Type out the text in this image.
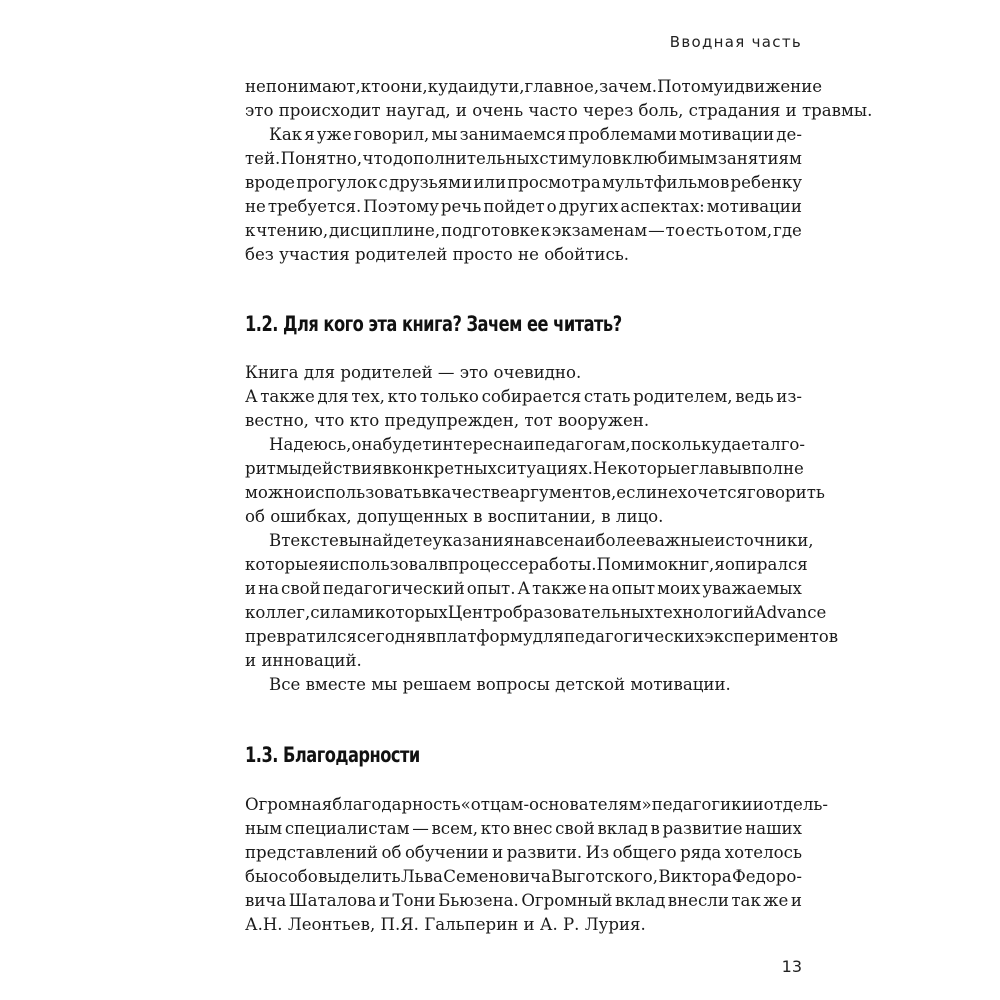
Вводная часть
не понимают, кто они, куда идут и, главное, зачем. Потому и движение
это происходит наугад, и очень часто через боль, страдания и травмы.
Как я уже говорил, мы занимаемся проблемами мотивации де-
тей. Понятно, что дополнительных стимулов к любимым занятиям
вроде прогулок с друзьями или просмотра мультфильмов ребенку
не требуется. Поэтому речь пойдет о других аспектах: мотивации
к чтению, дисциплине, подготовке к экзаменам — то есть о том, где
без участия родителей просто не обойтись.
1.2. Для кого эта книга? Зачем ее читать?
Книга для родителей — это очевидно.
А также для тех, кто только собирается стать родителем, ведь из-
вестно, что кто предупрежден, тот вооружен.
Надеюсь, она будет интересна и педагогам, поскольку дает алго-
ритмы действия в конкретных ситуациях. Некоторые главы вполне
можно использовать в качестве аргументов, если не хочется говорить
об ошибках, допущенных в воспитании, в лицо.
В тексте вы найдете указания на все наиболее важные источники,
которые я использовал в процессе работы. Помимо книг, я опирался
и на свой педагогический опыт. А также на опыт моих уважаемых
коллег, силами которых Центр образовательных технологий Advance
превратился сегодня в платформу для педагогических экспериментов
и инноваций.
Все вместе мы решаем вопросы детской мотивации.
1.3. Благодарности
Огромная благодарность «отцам-основателям» педагогики и отдель-
ным специалистам — всем, кто внес свой вклад в развитие наших
представлений об обучении и развити. Из общего ряда хотелось
бы особо выделить Льва Семеновича Выготского, Виктора Федоро-
вича Шаталова и Тони Бьюзена. Огромный вклад внесли так же и
А.Н. Леонтьев, П.Я. Гальперин и А. Р. Лурия.
13
